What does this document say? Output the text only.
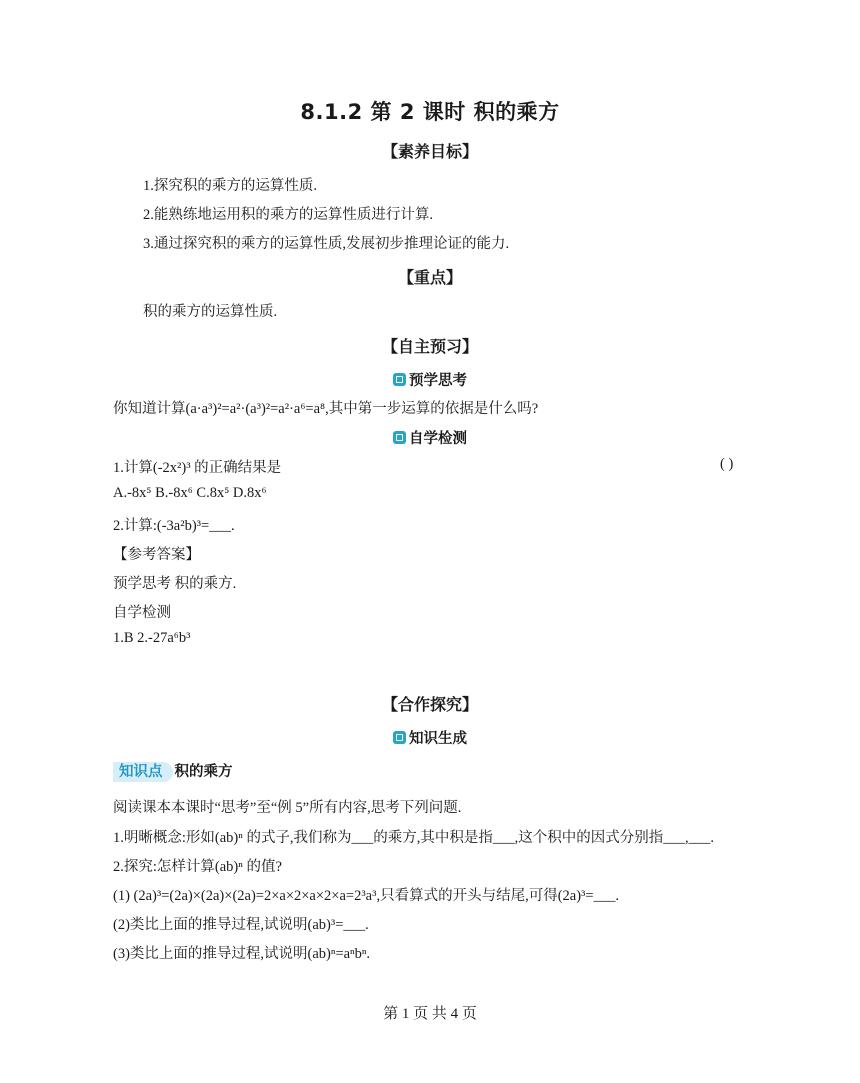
8.1.2 第 2 课时 积的乘方
【素养目标】
1.探究积的乘方的运算性质.
2.能熟练地运用积的乘方的运算性质进行计算.
3.通过探究积的乘方的运算性质,发展初步推理论证的能力.
【重点】
积的乘方的运算性质.
【自主预习】
预学思考
你知道计算(a·a³)²=a²·(a³)²=a²·a⁶=a⁸,其中第一步运算的依据是什么吗?
自学检测
1.计算(-2x²)³ 的正确结果是	( )
A.-8x⁵ B.-8x⁶ C.8x⁵ D.8x⁶
2.计算:(-3a²b)³=___.
【参考答案】
预学思考 积的乘方.
自学检测
1.B 2.-27a⁶b³
【合作探究】
知识生成
知识点 积的乘方
阅读课本本课时“思考”至“例 5”所有内容,思考下列问题.
1.明晰概念:形如(ab)ⁿ 的式子,我们称为___的乘方,其中积是指___,这个积中的因式分别指___,___.
2.探究:怎样计算(ab)ⁿ 的值?
(1) (2a)³=(2a)×(2a)×(2a)=2×a×2×a×2×a=2³a³,只看算式的开头与结尾,可得(2a)³=___.
(2)类比上面的推导过程,试说明(ab)³=___.
(3)类比上面的推导过程,试说明(ab)ⁿ=aⁿbⁿ.
第 1 页 共 4 页
